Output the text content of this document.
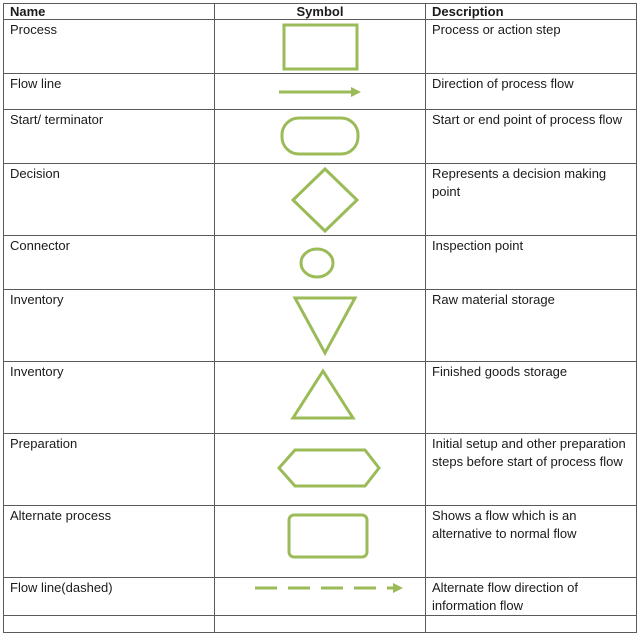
Name	Symbol	Description
Process		Process or action step
Flow line		Direction of process flow
Start/ terminator		Start or end point of process flow
Decision		Represents a decision making point
Connector		Inspection point
Inventory		Raw material storage
Inventory		Finished goods storage
Preparation		Initial setup and other preparation steps before start of process flow
Alternate process		Shows a flow which is an alternative to normal flow
Flow line(dashed)		Alternate flow direction of information flow
